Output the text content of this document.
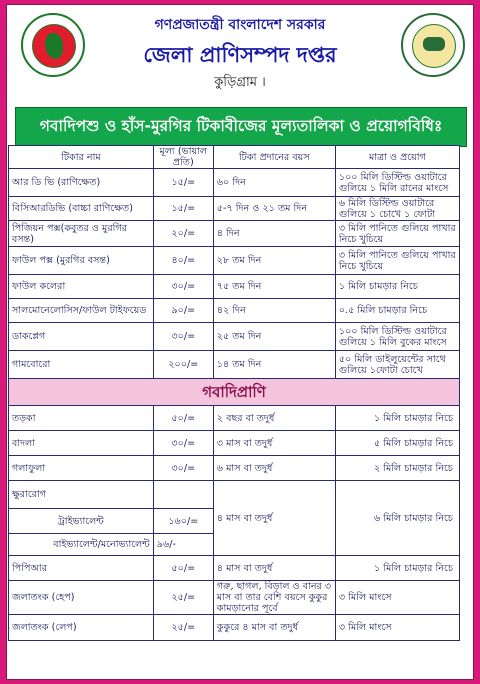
গণপ্রজাতন্ত্রী বাংলাদেশ সরকার
জেলা প্রাণিসম্পদ দপ্তর
কুড়িগ্রাম ।
গবাদিপশু ও হাঁস-মুরগির টিকাবীজের মূল্যতালিকা ও প্রয়োগবিধিঃ
টিকার নাম	মূল্য (ভায়াল প্রতি)	টিকা প্রদানের বয়স	মাত্রা ও প্রয়োগ
আর ডি ভি (রাণিক্ষেত)	১৫/=	৬০ দিন	১০০ মিলি ডিস্টিল্ড ওয়াটারে গুলিয়ে ১ মিলি রানের মাংসে
বিসিআরডিভি (বাচ্চা রাণিক্ষেত)	১৫/=	৫-৭ দিন ও ২১ তম দিন	৬ মিলি ডিস্টিল্ড ওয়াটারে গুলিয়ে ১ চোখে ১ ফোটা
পিজিয়ন পক্স(কবুতর ও মুরগির বসন্ত)	২০/=	৪ দিন	৩ মিলি পানিতে গুলিয়ে পাখার নিচে খুচিয়ে
ফাউল পক্স (মুরগির বসন্ত)	৪০/=	২৮ তম দিন	৩ মিলি পানিতে গুলিয়ে পাখার নিচে খুচিয়ে
ফাউল কলেরা	৩০/=	৭৫ তম দিন	১ মিলি চামড়ার নিচে
সালমোনেলোসিস/ফাউল টাইফয়েড	৯০/=	৪২ দিন	০.৫ মিলি চামড়ার নিচে
ডাকপ্লেগ	৩০/=	২৫ তম দিন	১০০ মিলি ডিস্টিল্ড ওয়াটারে গুলিয়ে ১ মিলি বুকের মাংসে
গামবোরো	২০০/=	১৪ তম দিন	৫০ মিলি ডাইলুয়েন্টের সাথে গুলিয়ে ১ফোটা চোখে
গবাদিপ্রাণি			
তড়কা	৫০/=	২ বছর বা তদুর্ধ	১ মিলি চামড়ার নিচে
বাদলা	৩০/=	৩ মাস বা তদুর্ধ	৫ মিলি চামড়ার নিচে
গলাফুলা	৩০/=	৬ মাস বা তদুর্ধ	২ মিলি চামড়ার নিচে
ক্ষুরারোগ		৪ মাস বা তদুর্ধ	৬ মিলি চামড়ার নিচে
ট্রাইভ্যালেন্ট	১৬০/=		
বাইভ্যালেন্ট/মনোভ্যালেন্ট	৯৬/-		
পিপিআর	৫০/=	৪ মাস বা তদুর্ধ	১ মিলি চামড়ার নিচে
জলাতংক (হেপ)	২৫/=	গরু, ছাগল, বিড়াল ও বানর ৩ মাস বা তার বেশি বয়সে কুকুর কামড়ানোর পূর্বে	৩ মিলি মাংসে
জলাতংক (লেপ)	২৫/=	কুকুরে ৪ মাস বা তদুর্ধ	৩ মিলি মাংসে
